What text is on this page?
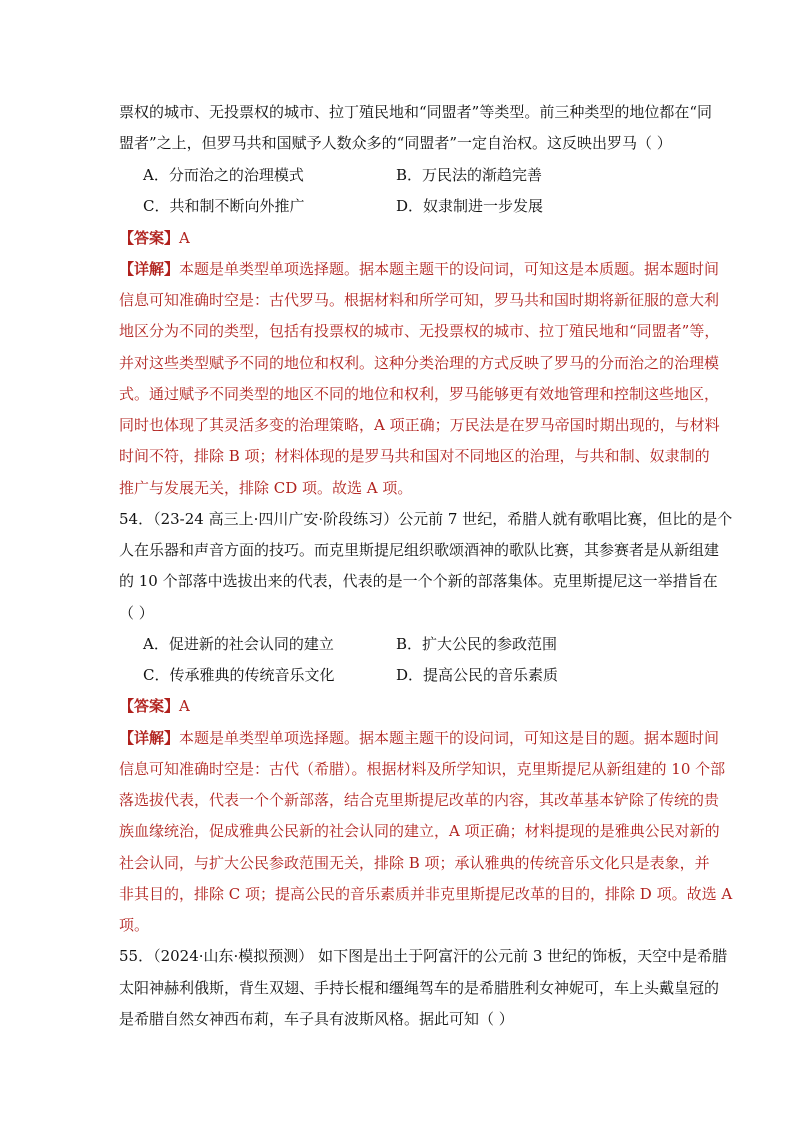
票权的城市、无投票权的城市、拉丁殖民地和“同盟者”等类型。前三种类型的地位都在“同
盟者”之上，但罗马共和国赋予人数众多的“同盟者”一定自治权。这反映出罗马（ ）
A．分而治之的治理模式	B．万民法的渐趋完善
C．共和制不断向外推广	D．奴隶制进一步发展
【答案】A
【详解】本题是单类型单项选择题。据本题主题干的设问词，可知这是本质题。据本题时间
信息可知准确时空是：古代罗马。根据材料和所学可知，罗马共和国时期将新征服的意大利
地区分为不同的类型，包括有投票权的城市、无投票权的城市、拉丁殖民地和“同盟者”等，
并对这些类型赋予不同的地位和权利。这种分类治理的方式反映了罗马的分而治之的治理模
式。通过赋予不同类型的地区不同的地位和权利，罗马能够更有效地管理和控制这些地区，
同时也体现了其灵活多变的治理策略，A 项正确；万民法是在罗马帝国时期出现的，与材料
时间不符，排除 B 项；材料体现的是罗马共和国对不同地区的治理，与共和制、奴隶制的
推广与发展无关，排除 CD 项。故选 A 项。
54．（23-24 高三上·四川广安·阶段练习）公元前 7 世纪，希腊人就有歌唱比赛，但比的是个
人在乐器和声音方面的技巧。而克里斯提尼组织歌颂酒神的歌队比赛，其参赛者是从新组建
的 10 个部落中选拔出来的代表，代表的是一个个新的部落集体。克里斯提尼这一举措旨在
（ ）
A．促进新的社会认同的建立	B．扩大公民的参政范围
C．传承雅典的传统音乐文化	D．提高公民的音乐素质
【答案】A
【详解】本题是单类型单项选择题。据本题主题干的设问词，可知这是目的题。据本题时间
信息可知准确时空是：古代（希腊）。根据材料及所学知识，克里斯提尼从新组建的 10 个部
落选拔代表，代表一个个新部落，结合克里斯提尼改革的内容，其改革基本铲除了传统的贵
族血缘统治，促成雅典公民新的社会认同的建立，A 项正确；材料提现的是雅典公民对新的
社会认同，与扩大公民参政范围无关，排除 B 项；承认雅典的传统音乐文化只是表象，并
非其目的，排除 C 项；提高公民的音乐素质并非克里斯提尼改革的目的，排除 D 项。故选 A
项。
55．（2024·山东·模拟预测） 如下图是出土于阿富汗的公元前 3 世纪的饰板，天空中是希腊
太阳神赫利俄斯，背生双翅、手持长棍和缰绳驾车的是希腊胜利女神妮可，车上头戴皇冠的
是希腊自然女神西布莉，车子具有波斯风格。据此可知（ ）
